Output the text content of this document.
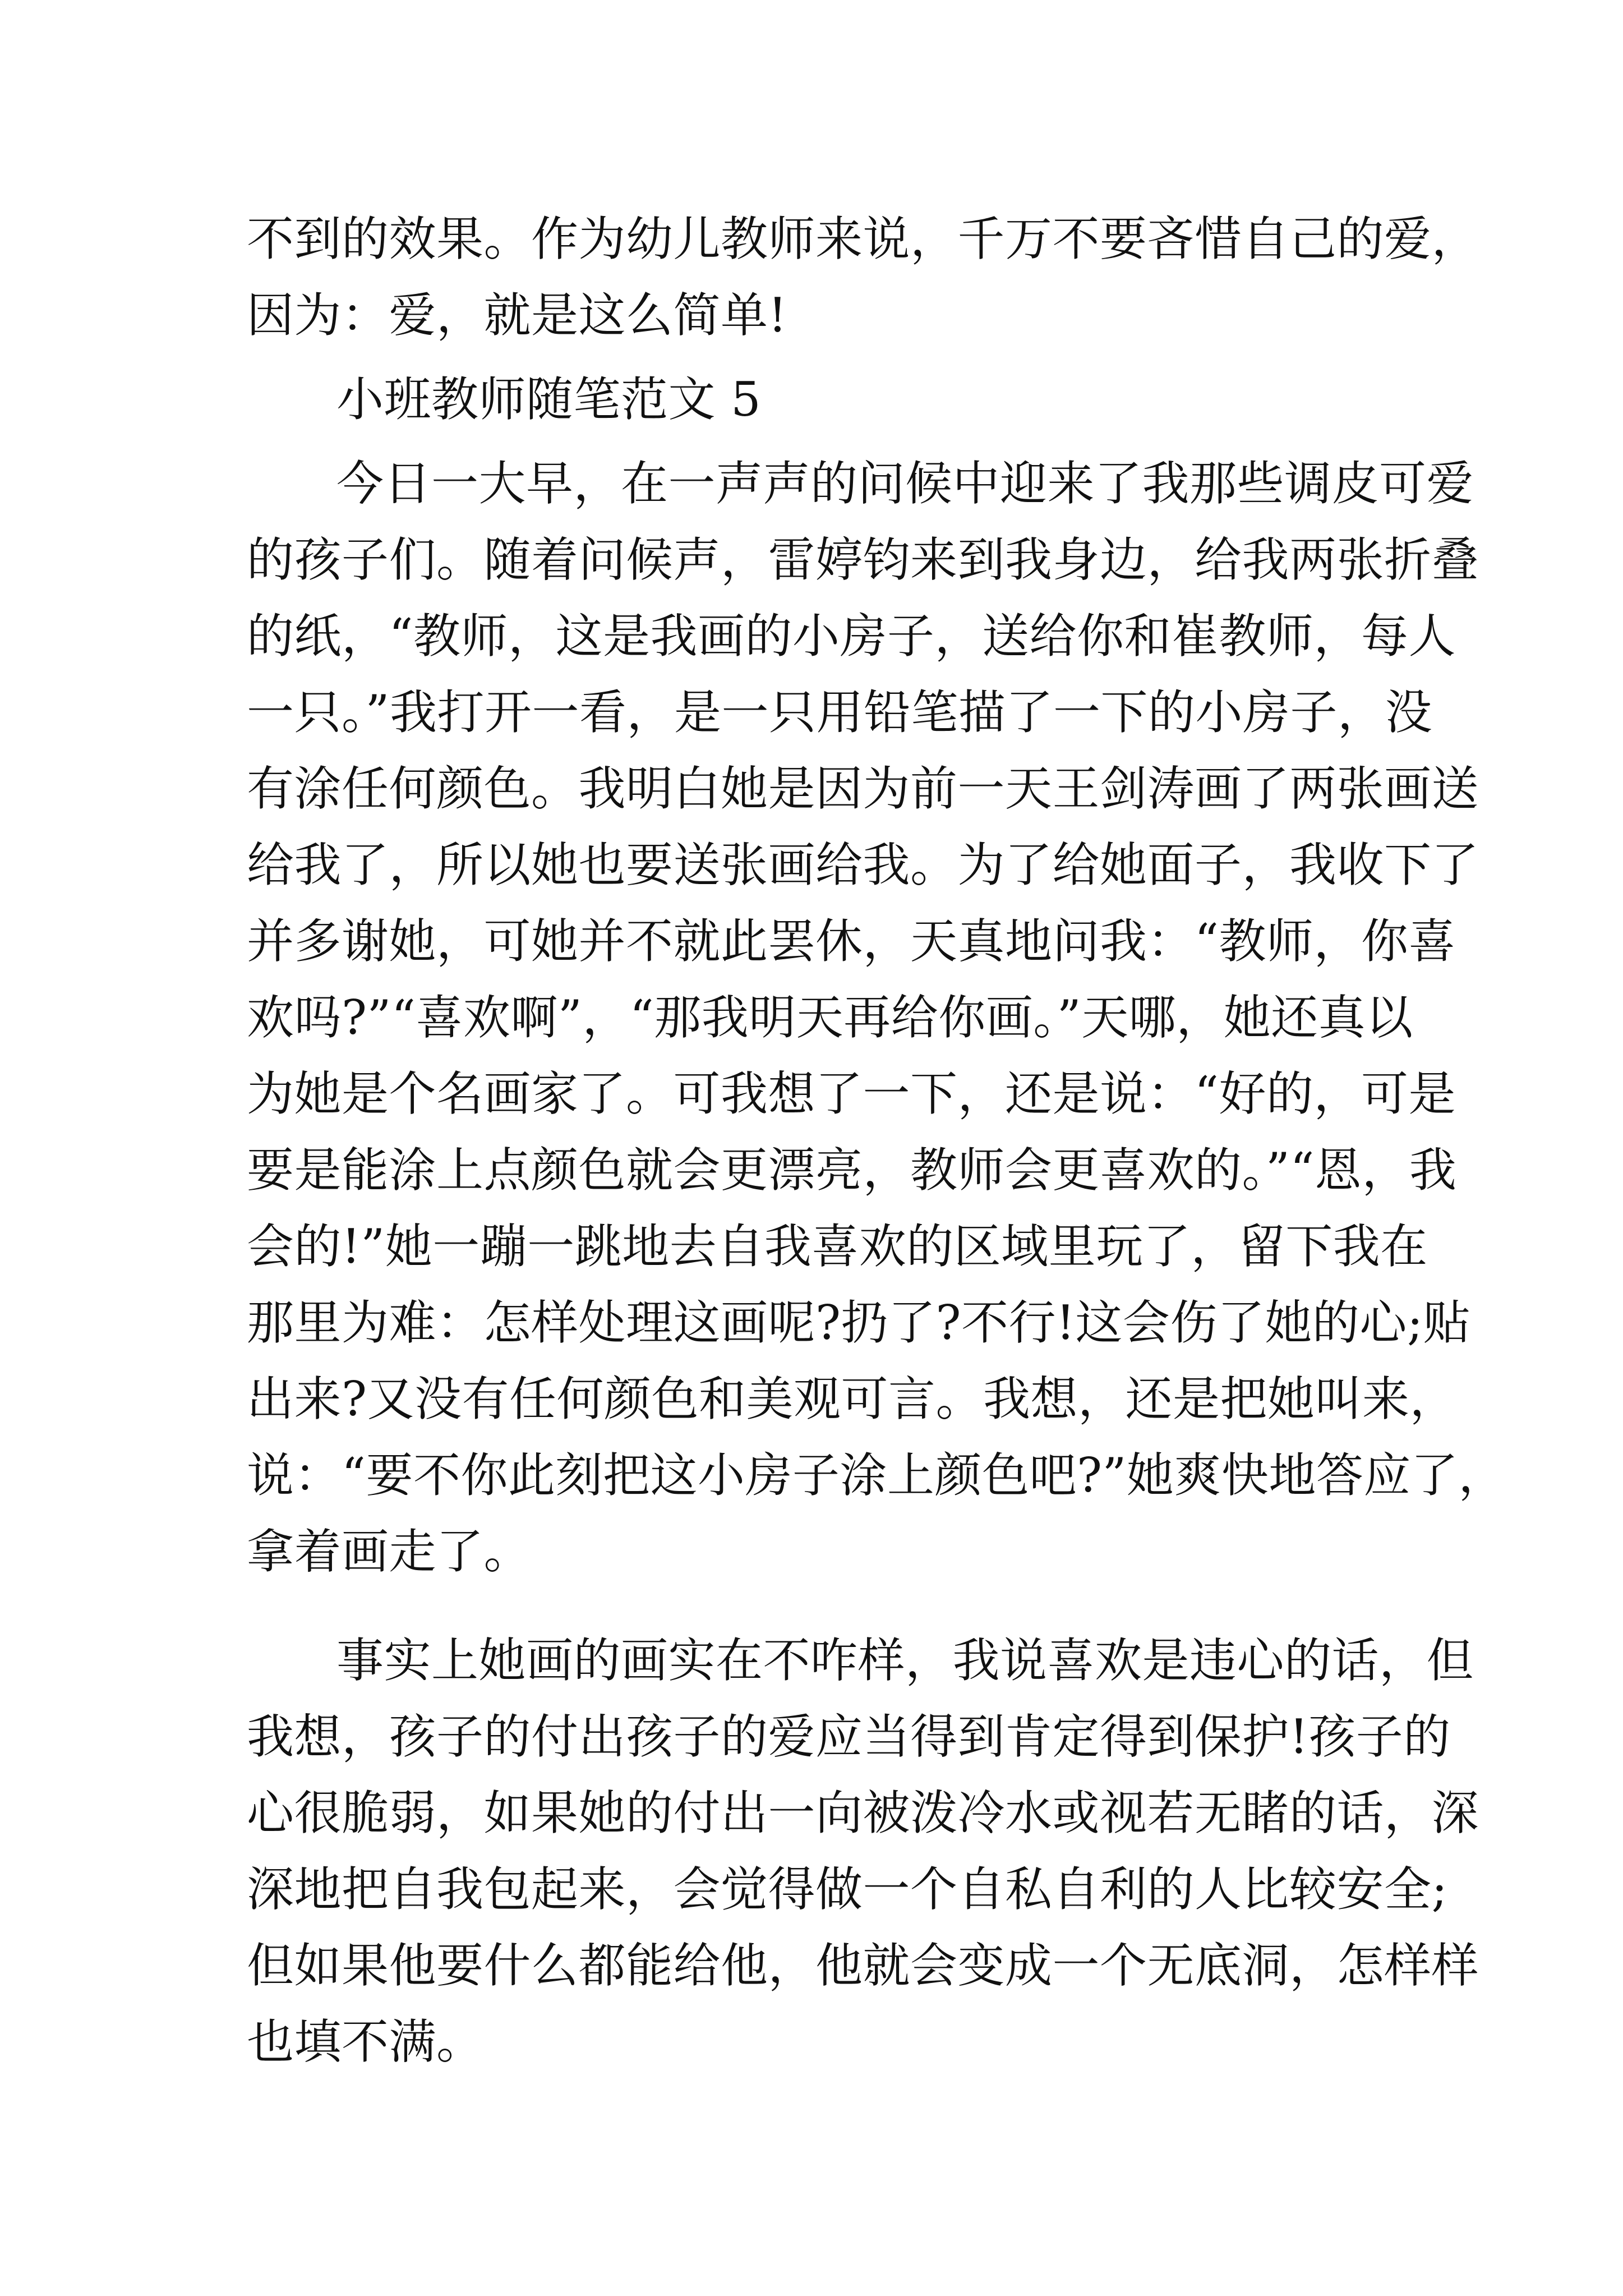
不到的效果。作为幼儿教师来说，千万不要吝惜自己的爱，
因为：爱，就是这么简单!
小班教师随笔范文 5
今日一大早，在一声声的问候中迎来了我那些调皮可爱
的孩子们。随着问候声，雷婷钧来到我身边，给我两张折叠
的纸，“教师，这是我画的小房子，送给你和崔教师，每人
一只。”我打开一看，是一只用铅笔描了一下的小房子，没
有涂任何颜色。我明白她是因为前一天王剑涛画了两张画送
给我了，所以她也要送张画给我。为了给她面子，我收下了
并多谢她，可她并不就此罢休，天真地问我：“教师，你喜
欢吗?”“喜欢啊”，“那我明天再给你画。”天哪，她还真以
为她是个名画家了。可我想了一下，还是说：“好的，可是
要是能涂上点颜色就会更漂亮，教师会更喜欢的。”“恩，我
会的!”她一蹦一跳地去自我喜欢的区域里玩了，留下我在
那里为难：怎样处理这画呢?扔了?不行!这会伤了她的心;贴
出来?又没有任何颜色和美观可言。我想，还是把她叫来，
说：“要不你此刻把这小房子涂上颜色吧?”她爽快地答应了，
拿着画走了。
事实上她画的画实在不咋样，我说喜欢是违心的话，但
我想，孩子的付出孩子的爱应当得到肯定得到保护!孩子的
心很脆弱，如果她的付出一向被泼冷水或视若无睹的话，深
深地把自我包起来，会觉得做一个自私自利的人比较安全;
但如果他要什么都能给他，他就会变成一个无底洞，怎样样
也填不满。
